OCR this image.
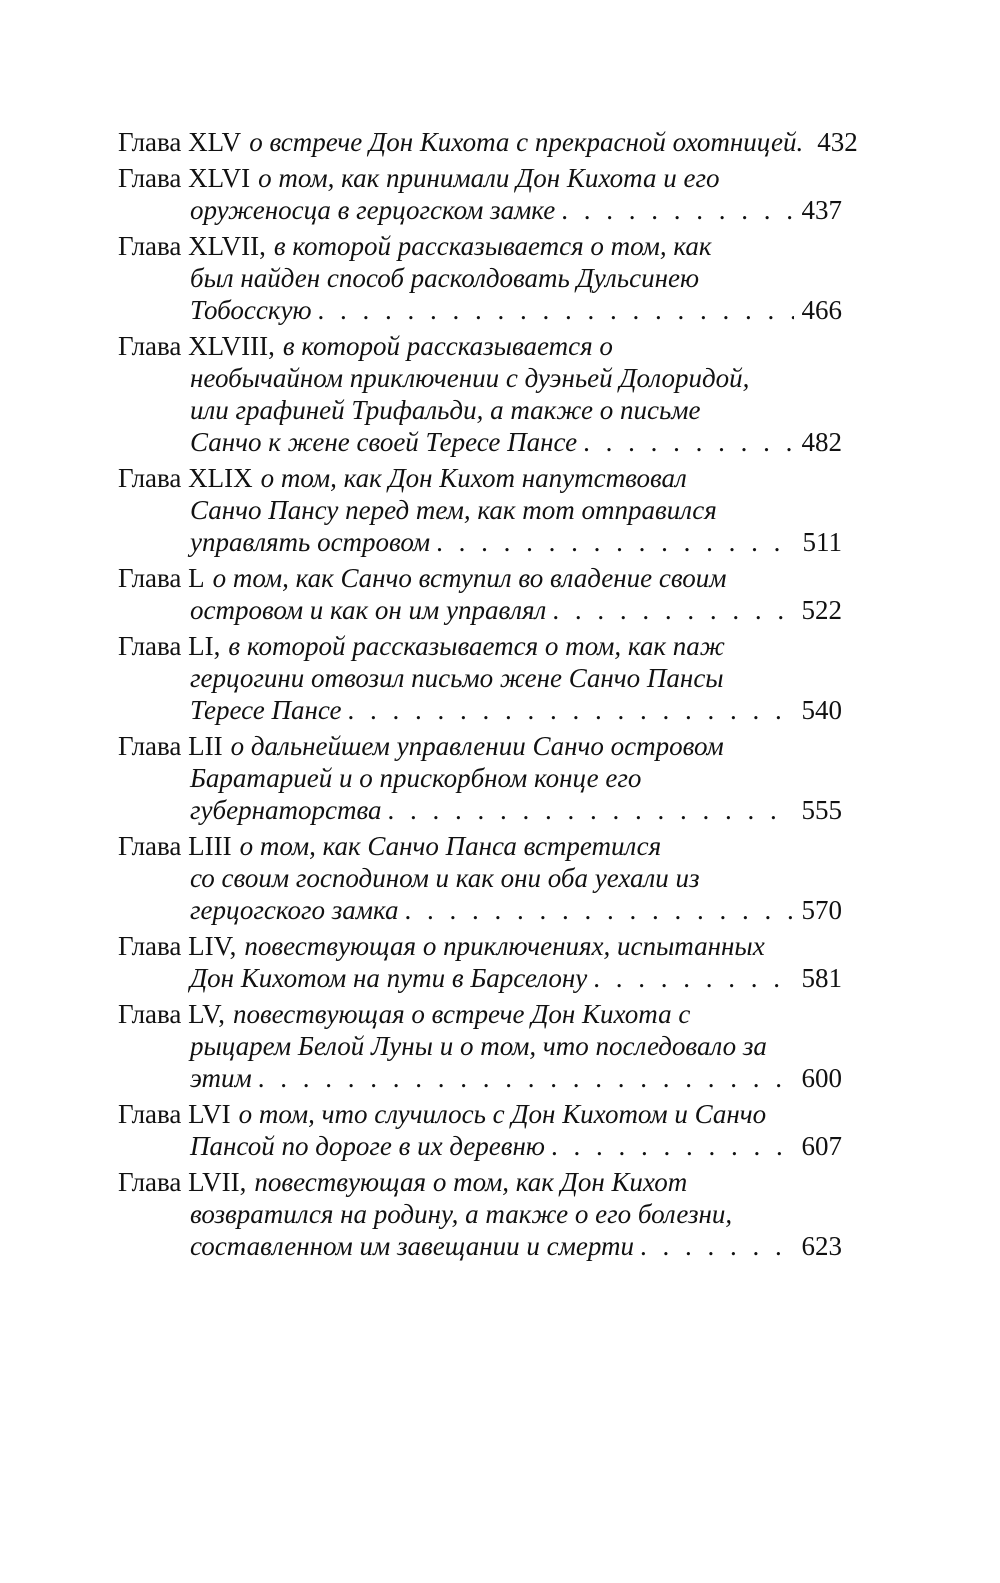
Глава XLV о встрече Дон Кихота с прекрасной охотницей. 432
Глава XLVI о том, как принимали Дон Кихота и его
оруженосца в герцогском замке . . .	437
Глава XLVII, в которой рассказывается о том, как
был найден способ расколдовать Дульсинею
Тобосскую . . .	466
Глава XLVIII, в которой рассказывается о
необычайном приключении с дуэньей Долоридой,
или графиней Трифальди, а также о письме
Санчо к жене своей Тересе Пансе . . .	482
Глава XLIX о том, как Дон Кихот напутствовал
Санчо Пансу перед тем, как тот отправился
управлять островом . . .	511
Глава L о том, как Санчо вступил во владение своим
островом и как он им управлял . . .	522
Глава LI, в которой рассказывается о том, как паж
герцогини отвозил письмо жене Санчо Пансы
Тересе Пансе . . .	540
Глава LII о дальнейшем управлении Санчо островом
Баратарией и о прискорбном конце его
губернаторства . . .	555
Глава LIII о том, как Санчо Панса встретился
со своим господином и как они оба уехали из
герцогского замка . . .	570
Глава LIV, повествующая о приключениях, испытанных
Дон Кихотом на пути в Барселону . . .	581
Глава LV, повествующая о встрече Дон Кихота с
рыцарем Белой Луны и о том, что последовало за
этим . . .	600
Глава LVI о том, что случилось с Дон Кихотом и Санчо
Пансой по дороге в их деревню . . .	607
Глава LVII, повествующая о том, как Дон Кихот
возвратился на родину, а также о его болезни,
составленном им завещании и смерти . . .	623
